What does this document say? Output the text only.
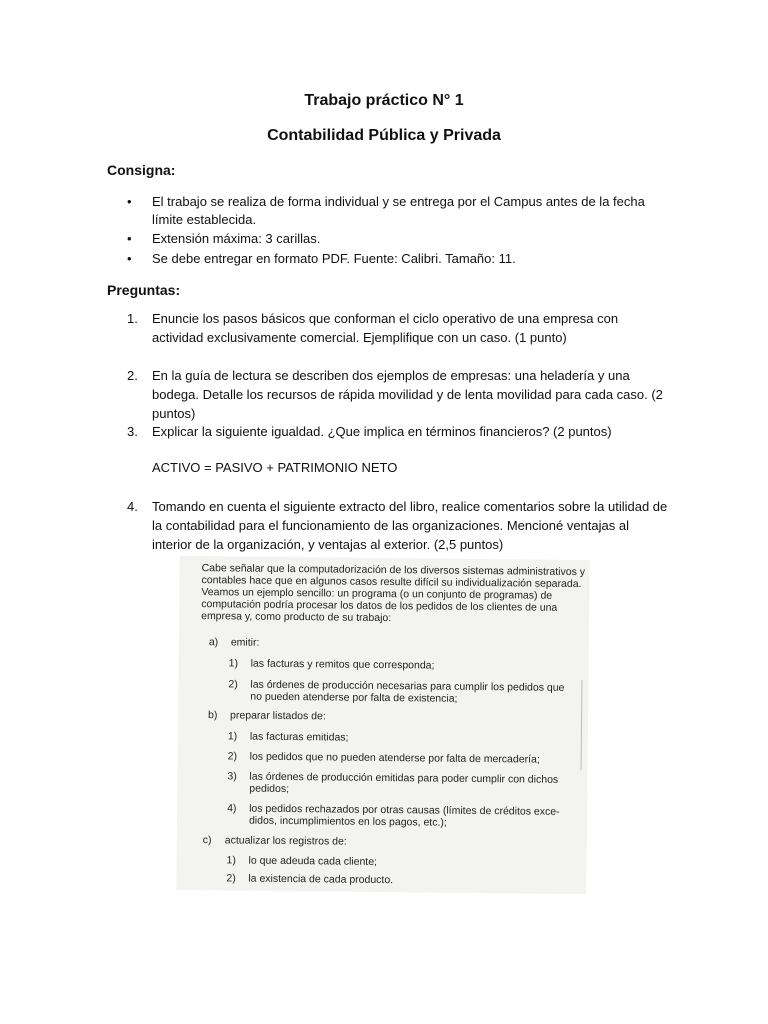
Trabajo práctico N° 1
Contabilidad Pública y Privada
Consigna:
•	El trabajo se realiza de forma individual y se entrega por el Campus antes de la fecha límite establecida.
•	Extensión máxima: 3 carillas.
•	Se debe entregar en formato PDF. Fuente: Calibri. Tamaño: 11.
Preguntas:
1. Enuncie los pasos básicos que conforman el ciclo operativo de una empresa con actividad exclusivamente comercial. Ejemplifique con un caso. (1 punto)
2. En la guía de lectura se describen dos ejemplos de empresas: una heladería y una bodega. Detalle los recursos de rápida movilidad y de lenta movilidad para cada caso. (2 puntos)
3. Explicar la siguiente igualdad. ¿Que implica en términos financieros? (2 puntos)
ACTIVO = PASIVO + PATRIMONIO NETO
4. Tomando en cuenta el siguiente extracto del libro, realice comentarios sobre la utilidad de la contabilidad para el funcionamiento de las organizaciones. Mencioné ventajas al interior de la organización, y ventajas al exterior. (2,5 puntos)
Cabe señalar que la computadorización de los diversos sistemas administrativos y contables hace que en algunos casos resulte difícil su individualización separada. Veamos un ejemplo sencillo: un programa (o un conjunto de programas) de computación podría procesar los datos de los pedidos de los clientes de una empresa y, como producto de su trabajo:
a) emitir:
1) las facturas y remitos que corresponda;
2) las órdenes de producción necesarias para cumplir los pedidos que
no pueden atenderse por falta de existencia;
b) preparar listados de:
1) las facturas emitidas;
2) los pedidos que no pueden atenderse por falta de mercadería;
3) las órdenes de producción emitidas para poder cumplir con dichos
pedidos;
4) los pedidos rechazados por otras causas (límites de créditos exce-
didos, incumplimientos en los pagos, etc.);
c) actualizar los registros de:
1) lo que adeuda cada cliente;
2) la existencia de cada producto.
